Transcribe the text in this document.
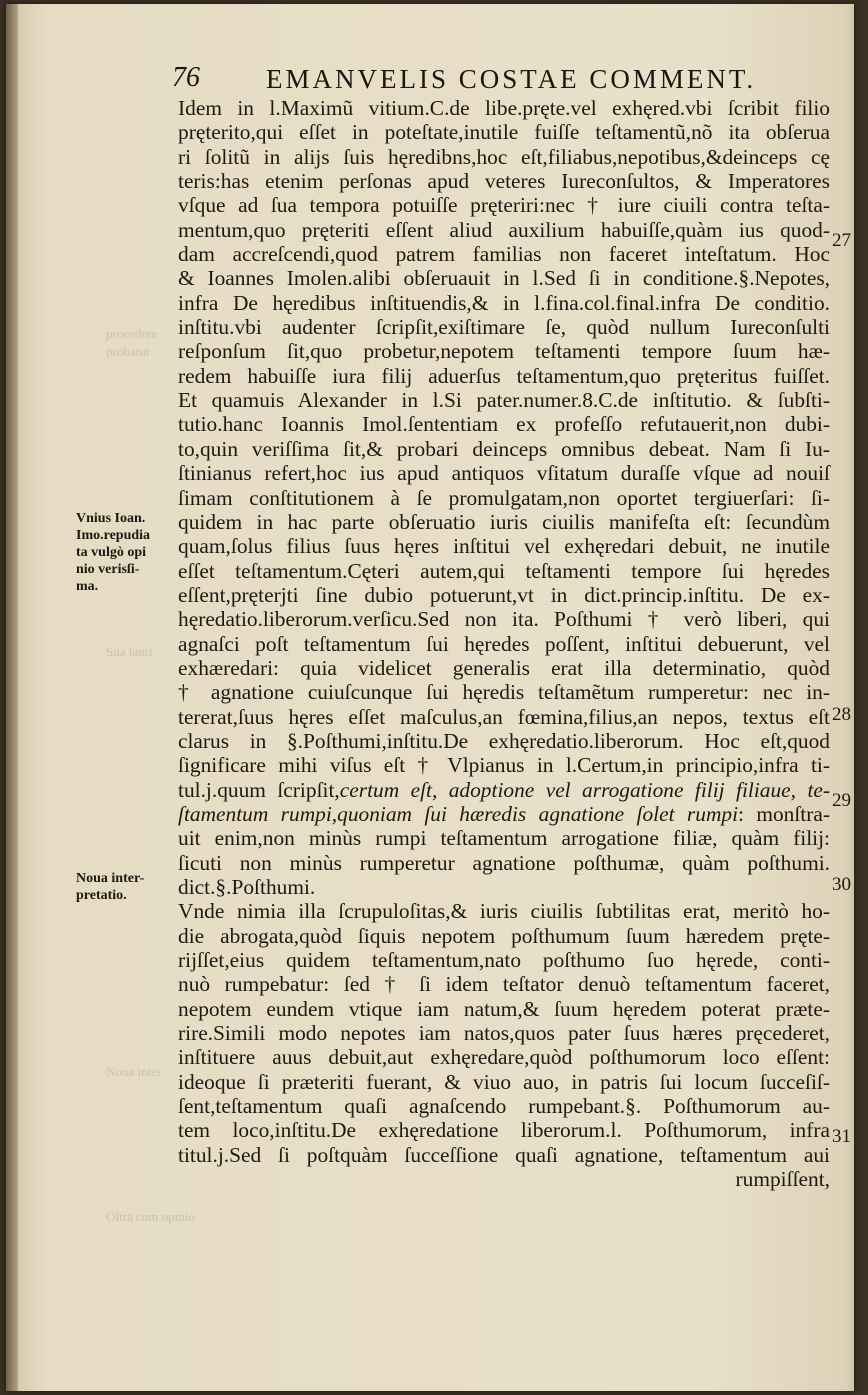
procedere
probatur
Sua lauri
Noua inter
Oltra com opinio
76 EMANVELIS COSTAE COMMENT.
Idem in l.Maximũ vitium.C.de libe.pręte.vel exhęred.vbi ſcribit filio
pręterito,qui eſſet in poteſtate,inutile fuiſſe teſtamentũ,nõ ita obſerua
ri ſolitũ in alijs ſuis hęredibns,hoc eſt,filiabus,nepotibus,&deinceps cę
teris:has etenim perſonas apud veteres Iureconſultos, & Imperatores
vſque ad ſua tempora potuiſſe pręteriri:nec † iure ciuili contra teſta-
mentum,quo pręteriti eſſent aliud auxilium habuiſſe,quàm ius quod-
dam accreſcendi,quod patrem familias non faceret inteſtatum. Hoc
& Ioannes Imolen.alibi obſeruauit in l.Sed ſi in conditione.§.Nepotes,
infra De hęredibus inſtituendis,& in l.fina.col.final.infra De conditio.
inſtitu.vbi audenter ſcripſit,exiſtimare ſe, quòd nullum Iureconſulti
reſponſum ſit,quo probetur,nepotem teſtamenti tempore ſuum hæ-
redem habuiſſe iura filij aduerſus teſtamentum,quo pręteritus fuiſſet.
Et quamuis Alexander in l.Si pater.numer.8.C.de inſtitutio. & ſubſti-
tutio.hanc Ioannis Imol.ſententiam ex profeſſo refutauerit,non dubi-
to,quin veriſſima ſit,& probari deinceps omnibus debeat. Nam ſi Iu-
ſtinianus refert,hoc ius apud antiquos vſitatum duraſſe vſque ad nouiſ
ſimam conſtitutionem à ſe promulgatam,non oportet tergiuerſari: ſi-
quidem in hac parte obſeruatio iuris ciuilis manifeſta eſt: ſecundùm
quam,ſolus filius ſuus hęres inſtitui vel exhęredari debuit, ne inutile
eſſet teſtamentum.Cęteri autem,qui teſtamenti tempore ſui hęredes
eſſent,pręterjti ſine dubio potuerunt,vt in dict.princip.inſtitu. De ex-
hęredatio.liberorum.verſicu.Sed non ita. Poſthumi † verò liberi, qui
agnaſci poſt teſtamentum ſui hęredes poſſent, inſtitui debuerunt, vel
exhæredari: quia videlicet generalis erat illa determinatio, quòd
† agnatione cuiuſcunque ſui hęredis teſtamẽtum rumperetur: nec in-
tererat,ſuus hęres eſſet maſculus,an fœmina,filius,an nepos, textus eſt
clarus in §.Poſthumi,inſtitu.De exhęredatio.liberorum. Hoc eſt,quod
ſignificare mihi viſus eſt † Vlpianus in l.Certum,in principio,infra ti-
tul.j.quum ſcripſit,certum eſt, adoptione vel arrogatione filij filiaue, te-
ſtamentum rumpi,quoniam ſui hæredis agnatione ſolet rumpi: monſtra-
uit enim,non minùs rumpi teſtamentum arrogatione filiæ, quàm filij:
ſicuti non minùs rumperetur agnatione poſthumæ, quàm poſthumi.
dict.§.Poſthumi.
Vnde nimia illa ſcrupuloſitas,& iuris ciuilis ſubtilitas erat, meritò ho-
die abrogata,quòd ſiquis nepotem poſthumum ſuum hæredem pręte-
rijſſet,eius quidem teſtamentum,nato poſthumo ſuo hęrede, conti-
nuò rumpebatur: ſed † ſi idem teſtator denuò teſtamentum faceret,
nepotem eundem vtique iam natum,& ſuum hęredem poterat præte-
rire.Simili modo nepotes iam natos,quos pater ſuus hæres pręcederet,
inſtituere auus debuit,aut exhęredare,quòd poſthumorum loco eſſent:
ideoque ſi præteriti fuerant, & viuo auo, in patris ſui locum ſucceſiſ-
ſent,teſtamentum quaſi agnaſcendo rumpebant.§. Poſthumorum au-
tem loco,inſtitu.De exhęredatione liberorum.l. Poſthumorum, infra
titul.j.Sed ſi poſtquàm ſucceſſione quaſi agnatione, teſtamentum aui
rumpiſſent,
Vnius Ioan.
Imo.repudia
ta vulgò opi
nio verisſi-
ma.
Noua inter-
pretatio.
27
28
29
30
31
